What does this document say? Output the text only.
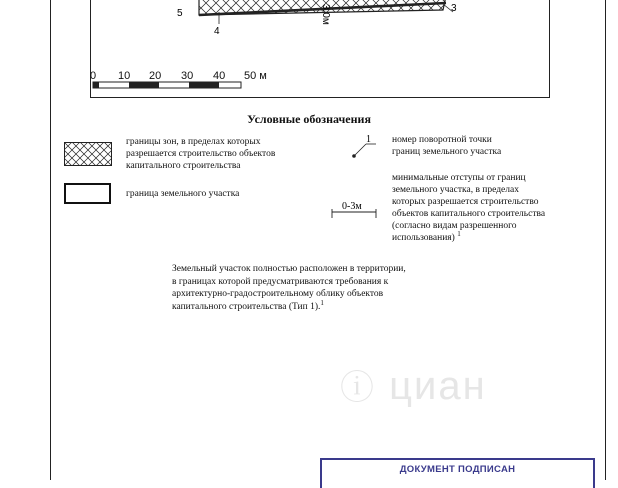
5
4
3
3,0м
0 10 20 30 40 50 м
Условные обозначения
границы зон, в пределах которых
разрешается строительство объектов
капитального строительства
граница земельного участка
1 номер поворотной точки
границ земельного участка
0-3м
минимальные отступы от границ
земельного участка, в пределах
которых разрешается строительство
объектов капитального строительства
(согласно видам разрешенного
использования) $^1$
Земельный участок полностью расположен в территории,
в границах которой предусматриваются требования к
архитектурно-градостроительному облику объектов
капитального строительства (Тип 1).$^1$
ⓘ циан
ДОКУМЕНТ ПОДПИСАН
